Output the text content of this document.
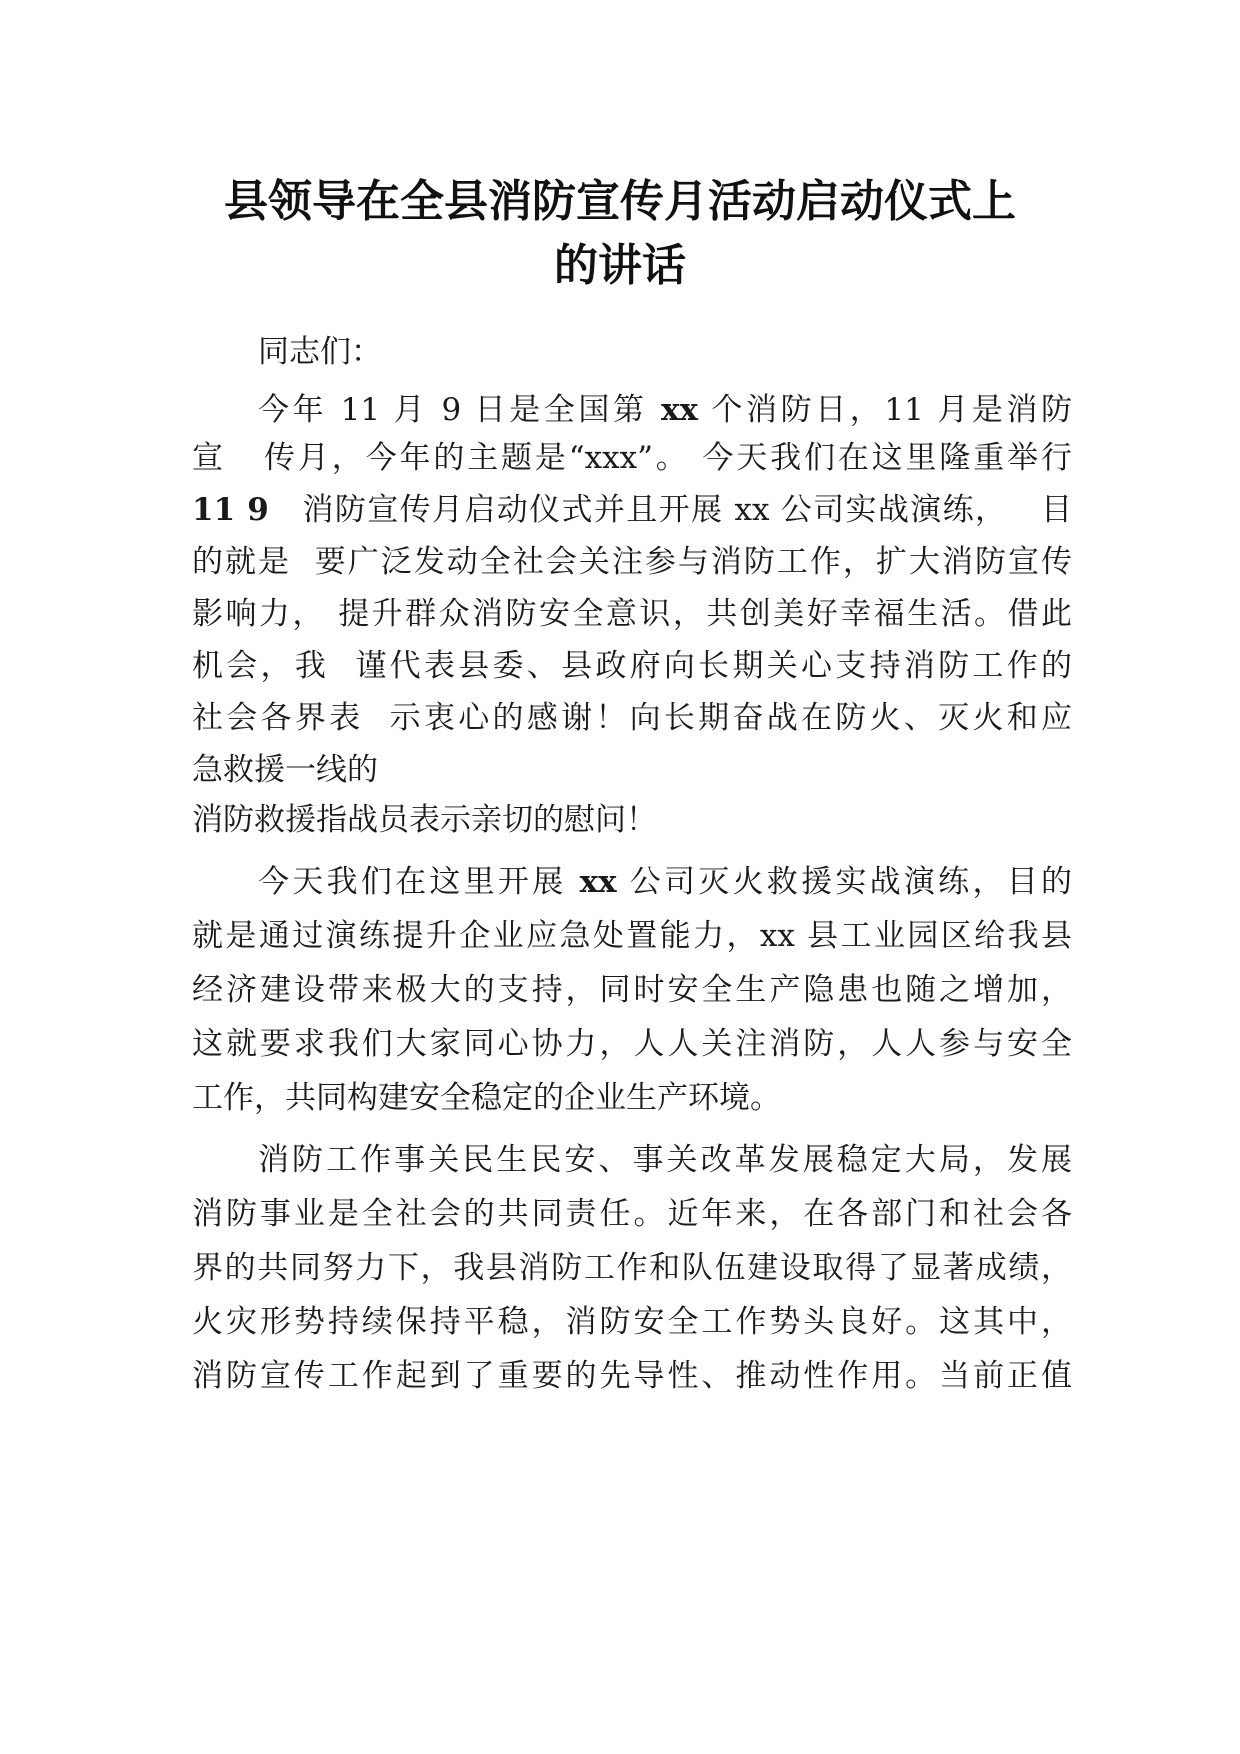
县领导在全县消防宣传月活动启动仪式上
的讲话

同志们：

今年 11 月 9 日是全国第 xx 个消防日，11 月是消防

宣   传月，今年的主题是“xxx”。 今天我们在这里隆重举行

11 9   消防宣传月启动仪式并且开展 xx 公司实战演练，   目

的就是  要广泛发动全社会关注参与消防工作，扩大消防宣传

影响力， 提升群众消防安全意识，共创美好幸福生活。借此

机会，我  谨代表县委、县政府向长期关心支持消防工作的

社会各界表  示衷心的感谢！向长期奋战在防火、灭火和应

急救援一线的

消防救援指战员表示亲切的慰问！

今天我们在这里开展 xx 公司灭火救援实战演练，目的

就是通过演练提升企业应急处置能力，xx 县工业园区给我县

经济建设带来极大的支持，同时安全生产隐患也随之增加，

这就要求我们大家同心协力，人人关注消防，人人参与安全

工作，共同构建安全稳定的企业生产环境。

消防工作事关民生民安、事关改革发展稳定大局，发展

消防事业是全社会的共同责任。近年来，在各部门和社会各

界的共同努力下，我县消防工作和队伍建设取得了显著成绩，

火灾形势持续保持平稳，消防安全工作势头良好。这其中，

消防宣传工作起到了重要的先导性、推动性作用。当前正值
